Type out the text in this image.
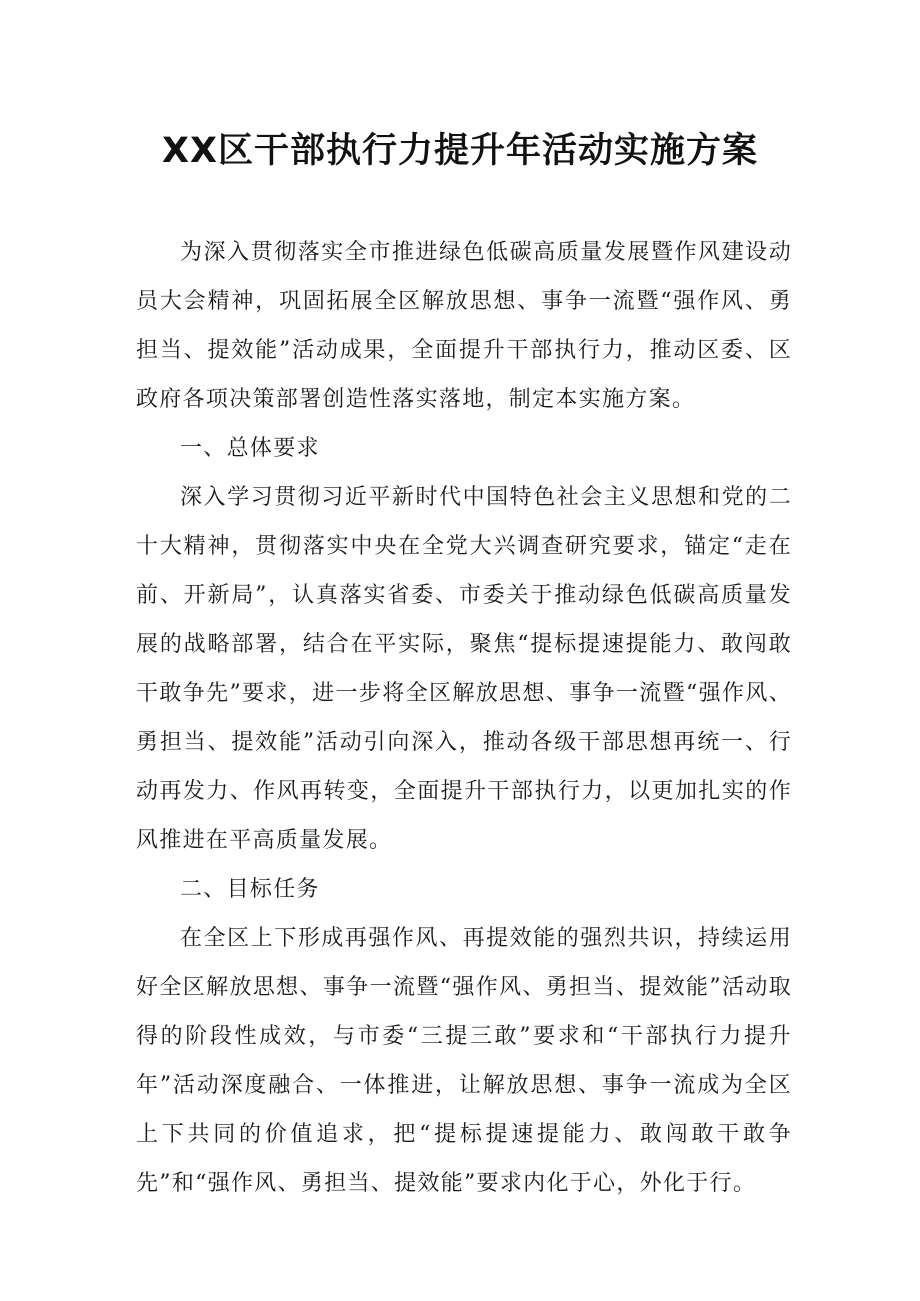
XX区干部执行力提升年活动实施方案

为深入贯彻落实全市推进绿色低碳高质量发展暨作风建设动员大会精神，巩固拓展全区解放思想、事争一流暨“强作风、勇担当、提效能”活动成果，全面提升干部执行力，推动区委、区政府各项决策部署创造性落实落地，制定本实施方案。

一、总体要求

深入学习贯彻习近平新时代中国特色社会主义思想和党的二十大精神，贯彻落实中央在全党大兴调查研究要求，锚定“走在前、开新局”，认真落实省委、市委关于推动绿色低碳高质量发展的战略部署，结合在平实际，聚焦“提标提速提能力、敢闯敢干敢争先”要求，进一步将全区解放思想、事争一流暨“强作风、勇担当、提效能”活动引向深入，推动各级干部思想再统一、行动再发力、作风再转变，全面提升干部执行力，以更加扎实的作风推进在平高质量发展。

二、目标任务

在全区上下形成再强作风、再提效能的强烈共识，持续运用好全区解放思想、事争一流暨“强作风、勇担当、提效能”活动取得的阶段性成效，与市委“三提三敢”要求和“干部执行力提升年”活动深度融合、一体推进，让解放思想、事争一流成为全区上下共同的价值追求，把“提标提速提能力、敢闯敢干敢争先”和“强作风、勇担当、提效能”要求内化于心，外化于行。
